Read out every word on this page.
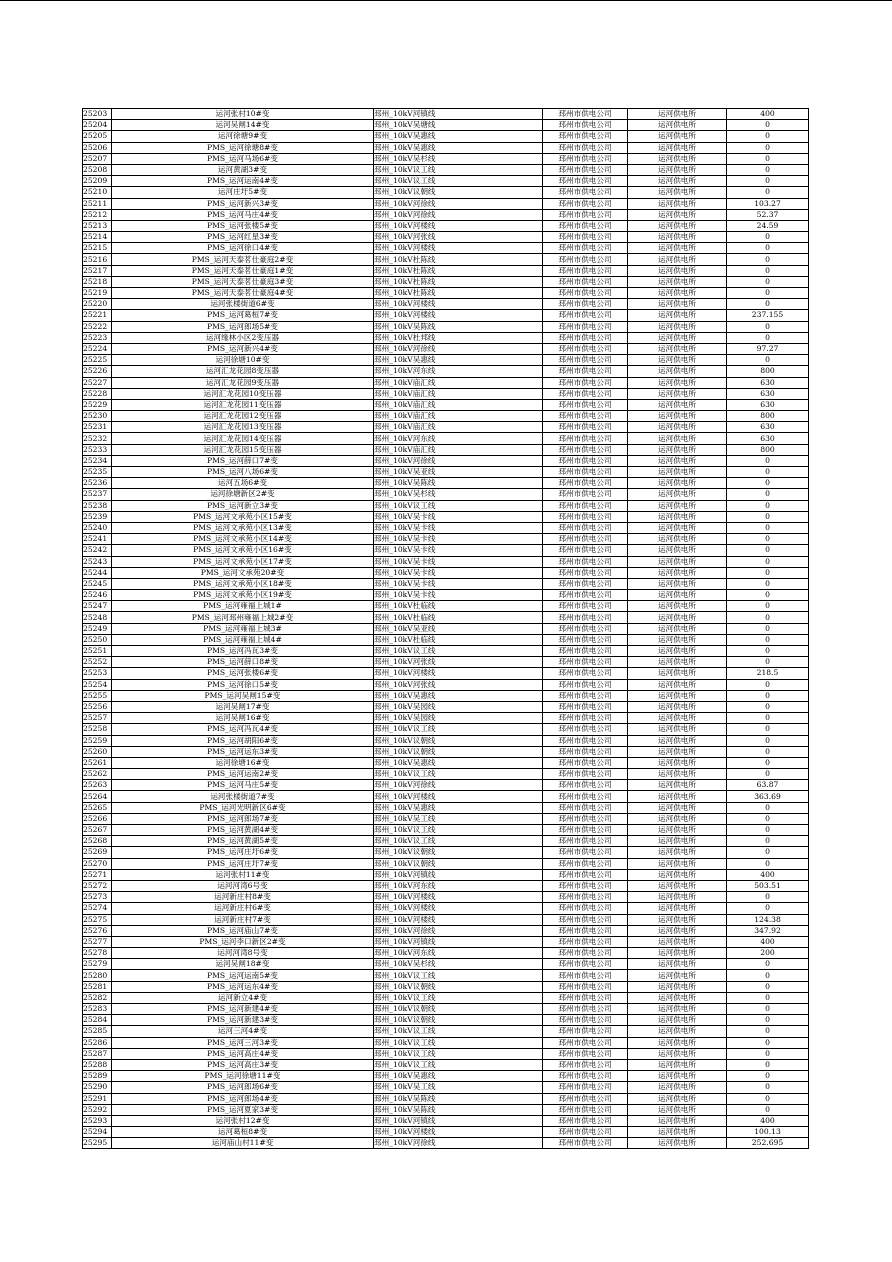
25203	运河张村10#变	邳州_10kV河镇线	邳州市供电公司	运河供电所	400
25204	运河吴闸14#变	邳州_10kV吴塘线	邳州市供电公司	运河供电所	0
25205	运河徐塘9#变	邳州_10kV吴惠线	邳州市供电公司	运河供电所	0
25206	PMS_运河徐塘8#变	邳州_10kV吴惠线	邳州市供电公司	运河供电所	0
25207	PMS_运河马场6#变	邳州_10kV吴杉线	邳州市供电公司	运河供电所	0
25208	运河黄湖3#变	邳州_10kV议工线	邳州市供电公司	运河供电所	0
25209	PMS_运河运南4#变	邳州_10kV议工线	邳州市供电公司	运河供电所	0
25210	运河庄圩5#变	邳州_10kV议朝线	邳州市供电公司	运河供电所	0
25211	PMS_运河新兴3#变	邳州_10kV河徐线	邳州市供电公司	运河供电所	103.27
25212	PMS_运河马庄4#变	邳州_10kV河徐线	邳州市供电公司	运河供电所	52.37
25213	PMS_运河张楼5#变	邳州_10kV河楼线	邳州市供电公司	运河供电所	24.59
25214	PMS_运河红星3#变	邳州_10kV河张线	邳州市供电公司	运河供电所	0
25215	PMS_运河徐口4#变	邳州_10kV河楼线	邳州市供电公司	运河供电所	0
25216	PMS_运河天泰茗仕豪庭2#变	邳州_10kV杜陈线	邳州市供电公司	运河供电所	0
25217	PMS_运河天泰茗仕豪庭1#变	邳州_10kV杜陈线	邳州市供电公司	运河供电所	0
25218	PMS_运河天泰茗仕豪庭3#变	邳州_10kV杜陈线	邳州市供电公司	运河供电所	0
25219	PMS_运河天泰茗仕豪庭4#变	邳州_10kV杜陈线	邳州市供电公司	运河供电所	0
25220	运河张楼街道6#变	邳州_10kV河楼线	邳州市供电公司	运河供电所	0
25221	PMS_运河葛桓7#变	邳州_10kV河楼线	邳州市供电公司	运河供电所	237.155
25222	PMS_运河郎场5#变	邳州_10kV吴陈线	邳州市供电公司	运河供电所	0
25223	运河缘林小区2变压器	邳州_10kV杜邦线	邳州市供电公司	运河供电所	0
25224	PMS_运河新兴4#变	邳州_10kV河徐线	邳州市供电公司	运河供电所	97.27
25225	运河徐塘10#变	邳州_10kV吴惠线	邳州市供电公司	运河供电所	0
25226	运河汇龙花园8变压器	邳州_10kV河东线	邳州市供电公司	运河供电所	800
25227	运河汇龙花园9变压器	邳州_10kV庙汇线	邳州市供电公司	运河供电所	630
25228	运河汇龙花园10变压器	邳州_10kV庙汇线	邳州市供电公司	运河供电所	630
25229	运河汇龙花园11变压器	邳州_10kV庙汇线	邳州市供电公司	运河供电所	630
25230	运河汇龙花园12变压器	邳州_10kV庙汇线	邳州市供电公司	运河供电所	800
25231	运河汇龙花园13变压器	邳州_10kV庙汇线	邳州市供电公司	运河供电所	630
25232	运河汇龙花园14变压器	邳州_10kV河东线	邳州市供电公司	运河供电所	630
25233	运河汇龙花园15变压器	邳州_10kV庙汇线	邳州市供电公司	运河供电所	800
25234	PMS_运河薛口7#变	邳州_10kV河徐线	邳州市供电公司	运河供电所	0
25235	PMS_运河八场6#变	邳州_10kV吴亚线	邳州市供电公司	运河供电所	0
25236	运河五场6#变	邳州_10kV吴陈线	邳州市供电公司	运河供电所	0
25237	运河徐塘新区2#变	邳州_10kV吴杉线	邳州市供电公司	运河供电所	0
25238	PMS_运河新立3#变	邳州_10kV议工线	邳州市供电公司	运河供电所	0
25239	PMS_运河文承苑小区15#变	邳州_10kV吴卡线	邳州市供电公司	运河供电所	0
25240	PMS_运河文承苑小区13#变	邳州_10kV吴卡线	邳州市供电公司	运河供电所	0
25241	PMS_运河文承苑小区14#变	邳州_10kV吴卡线	邳州市供电公司	运河供电所	0
25242	PMS_运河文承苑小区16#变	邳州_10kV吴卡线	邳州市供电公司	运河供电所	0
25243	PMS_运河文承苑小区17#变	邳州_10kV吴卡线	邳州市供电公司	运河供电所	0
25244	PMS_运河文承苑20#变	邳州_10kV吴卡线	邳州市供电公司	运河供电所	0
25245	PMS_运河文承苑小区18#变	邳州_10kV吴卡线	邳州市供电公司	运河供电所	0
25246	PMS_运河文承苑小区19#变	邳州_10kV吴卡线	邳州市供电公司	运河供电所	0
25247	PMS_运河雍福上城1#	邳州_10kV杜临线	邳州市供电公司	运河供电所	0
25248	PMS_运河邳州雍福上城2#变	邳州_10kV杜临线	邳州市供电公司	运河供电所	0
25249	PMS_运河雍福上城3#	邳州_10kV吴亚线	邳州市供电公司	运河供电所	0
25250	PMS_运河雍福上城4#	邳州_10kV杜临线	邳州市供电公司	运河供电所	0
25251	PMS_运河冯瓦3#变	邳州_10kV议工线	邳州市供电公司	运河供电所	0
25252	PMS_运河薛口8#变	邳州_10kV河张线	邳州市供电公司	运河供电所	0
25253	PMS_运河张楼6#变	邳州_10kV河楼线	邳州市供电公司	运河供电所	218.5
25254	PMS_运河徐口5#变	邳州_10kV河张线	邳州市供电公司	运河供电所	0
25255	PMS_运河吴闸15#变	邳州_10kV吴惠线	邳州市供电公司	运河供电所	0
25256	运河吴闸17#变	邳州_10kV吴园线	邳州市供电公司	运河供电所	0
25257	运河吴闸16#变	邳州_10kV吴园线	邳州市供电公司	运河供电所	0
25258	PMS_运河冯瓦4#变	邳州_10kV议工线	邳州市供电公司	运河供电所	0
25259	PMS_运河胡阳6#变	邳州_10kV议朝线	邳州市供电公司	运河供电所	0
25260	PMS_运河运东3#变	邳州_10kV议朝线	邳州市供电公司	运河供电所	0
25261	运河徐塘16#变	邳州_10kV吴惠线	邳州市供电公司	运河供电所	0
25262	PMS_运河运南2#变	邳州_10kV议工线	邳州市供电公司	运河供电所	0
25263	PMS_运河马庄5#变	邳州_10kV河徐线	邳州市供电公司	运河供电所	63.87
25264	运河张楼街道7#变	邳州_10kV河楼线	邳州市供电公司	运河供电所	363.69
25265	PMS_运河光明新区6#变	邳州_10kV吴惠线	邳州市供电公司	运河供电所	0
25266	PMS_运河郎场7#变	邳州_10kV吴工线	邳州市供电公司	运河供电所	0
25267	PMS_运河黄湖4#变	邳州_10kV议工线	邳州市供电公司	运河供电所	0
25268	PMS_运河黄湖5#变	邳州_10kV议工线	邳州市供电公司	运河供电所	0
25269	PMS_运河庄圩6#变	邳州_10kV议朝线	邳州市供电公司	运河供电所	0
25270	PMS_运河庄圩7#变	邳州_10kV议朝线	邳州市供电公司	运河供电所	0
25271	运河张村11#变	邳州_10kV河镇线	邳州市供电公司	运河供电所	400
25272	运河河湾6号变	邳州_10kV河东线	邳州市供电公司	运河供电所	503.51
25273	运河新庄村8#变	邳州_10kV河楼线	邳州市供电公司	运河供电所	0
25274	运河新庄村6#变	邳州_10kV河楼线	邳州市供电公司	运河供电所	0
25275	运河新庄村7#变	邳州_10kV河楼线	邳州市供电公司	运河供电所	124.38
25276	PMS_运河庙山7#变	邳州_10kV河徐线	邳州市供电公司	运河供电所	347.92
25277	PMS_运河李口新区2#变	邳州_10kV河镇线	邳州市供电公司	运河供电所	400
25278	运河河湾8号变	邳州_10kV河东线	邳州市供电公司	运河供电所	200
25279	运河吴闸18#变	邳州_10kV吴杉线	邳州市供电公司	运河供电所	0
25280	PMS_运河运南5#变	邳州_10kV议工线	邳州市供电公司	运河供电所	0
25281	PMS_运河运东4#变	邳州_10kV议朝线	邳州市供电公司	运河供电所	0
25282	运河新立4#变	邳州_10kV议工线	邳州市供电公司	运河供电所	0
25283	PMS_运河新建4#变	邳州_10kV议朝线	邳州市供电公司	运河供电所	0
25284	PMS_运河新建3#变	邳州_10kV议朝线	邳州市供电公司	运河供电所	0
25285	运河三河4#变	邳州_10kV议工线	邳州市供电公司	运河供电所	0
25286	PMS_运河三河3#变	邳州_10kV议工线	邳州市供电公司	运河供电所	0
25287	PMS_运河高庄4#变	邳州_10kV议工线	邳州市供电公司	运河供电所	0
25288	PMS_运河高庄3#变	邳州_10kV议工线	邳州市供电公司	运河供电所	0
25289	PMS_运河徐塘11#变	邳州_10kV吴惠线	邳州市供电公司	运河供电所	0
25290	PMS_运河郎场6#变	邳州_10kV吴工线	邳州市供电公司	运河供电所	0
25291	PMS_运河郎场4#变	邳州_10kV吴陈线	邳州市供电公司	运河供电所	0
25292	PMS_运河夏家3#变	邳州_10kV吴陈线	邳州市供电公司	运河供电所	0
25293	运河张村12#变	邳州_10kV河镇线	邳州市供电公司	运河供电所	400
25294	运河葛桓8#变	邳州_10kV河楼线	邳州市供电公司	运河供电所	100.13
25295	运河庙山村11#变	邳州_10kV河徐线	邳州市供电公司	运河供电所	252.695
